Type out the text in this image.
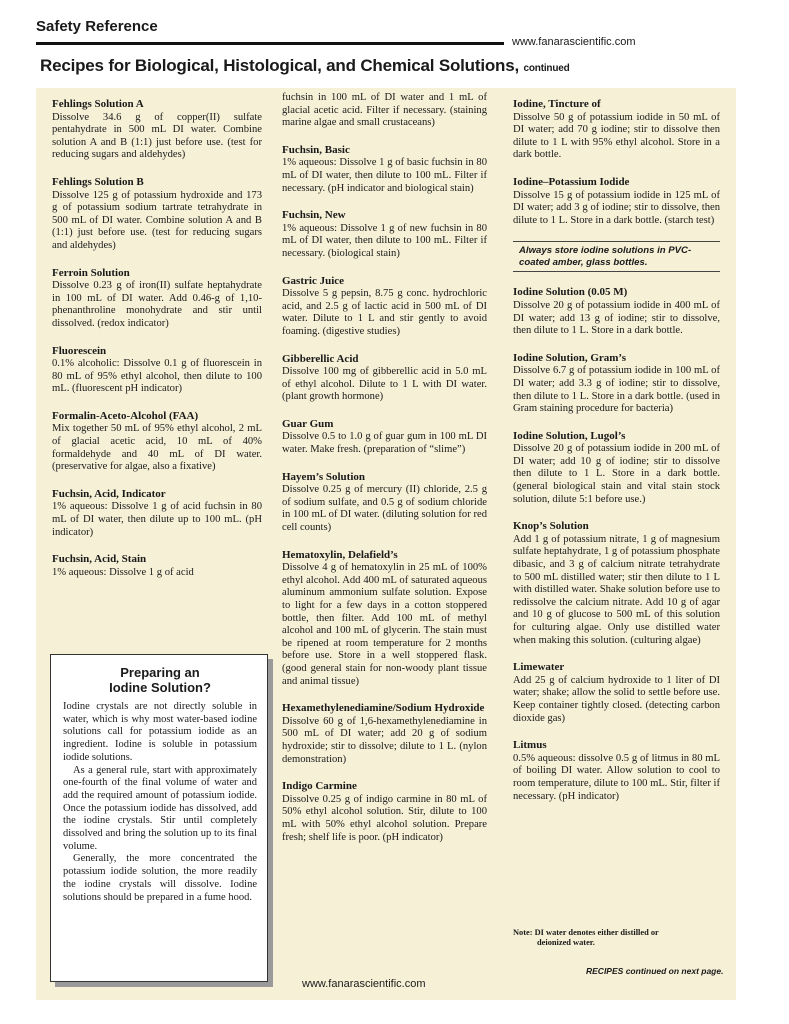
Safety Reference
www.fanarascientific.com
Recipes for Biological, Histological, and Chemical Solutions, continued
Fehlings Solution A

Dissolve 34.6 g of copper(II) sulfate pentahydrate in 500 mL DI water. Combine solution A and B (1:1) just before use. (test for reducing sugars and aldehydes)

Fehlings Solution B

Dissolve 125 g of potassium hydroxide and 173 g of potassium sodium tartrate tetrahydrate in 500 mL of DI water. Combine solution A and B (1:1) just before use. (test for reducing sugars and aldehydes)

Ferroin Solution

Dissolve 0.23 g of iron(II) sulfate heptahydrate in 100 mL of DI water. Add 0.46-g of 1,10-phenanthroline monohydrate and stir until dissolved. (redox indicator)

Fluorescein

0.1% alcoholic: Dissolve 0.1 g of fluorescein in 80 mL of 95% ethyl alcohol, then dilute to 100 mL. (fluorescent pH indicator)

Formalin-Aceto-Alcohol (FAA)

Mix together 50 mL of 95% ethyl alcohol, 2 mL of glacial acetic acid, 10 mL of 40% formaldehyde and 40 mL of DI water. (preservative for algae, also a fixative)

Fuchsin, Acid, Indicator

1% aqueous: Dissolve 1 g of acid fuchsin in 80 mL of DI water, then dilute up to 100 mL. (pH indicator)

Fuchsin, Acid, Stain

1% aqueous: Dissolve 1 g of acid

Preparing an
Iodine Solution?

Iodine crystals are not directly soluble in water, which is why most water-based iodine solutions call for potassium iodide as an ingredient. Iodine is soluble in potassium iodide solutions.

As a general rule, start with approximately one-fourth of the final volume of water and add the required amount of potassium iodide. Once the potassium iodide has dissolved, add the iodine crystals. Stir until completely dissolved and bring the solution up to its final volume.

Generally, the more concentrated the potassium iodide solution, the more readily the iodine crystals will dissolve. Iodine solutions should be prepared in a fume hood.

fuchsin in 100 mL of DI water and 1 mL of glacial acetic acid. Filter if necessary. (staining marine algae and small crustaceans)

Fuchsin, Basic

1% aqueous: Dissolve 1 g of basic fuchsin in 80 mL of DI water, then dilute to 100 mL. Filter if necessary. (pH indicator and biological stain)

Fuchsin, New

1% aqueous: Dissolve 1 g of new fuchsin in 80 mL of DI water, then dilute to 100 mL. Filter if necessary. (biological stain)

Gastric Juice

Dissolve 5 g pepsin, 8.75 g conc. hydrochloric acid, and 2.5 g of lactic acid in 500 mL of DI water. Dilute to 1 L and stir gently to avoid foaming. (digestive studies)

Gibberellic Acid

Dissolve 100 mg of gibberellic acid in 5.0 mL of ethyl alcohol. Dilute to 1 L with DI water. (plant growth hormone)

Guar Gum

Dissolve 0.5 to 1.0 g of guar gum in 100 mL DI water. Make fresh. (preparation of “slime”)

Hayem’s Solution

Dissolve 0.25 g of mercury (II) chloride, 2.5 g of sodium sulfate, and 0.5 g of sodium chloride in 100 mL of DI water. (diluting solution for red cell counts)

Hematoxylin, Delafield’s

Dissolve 4 g of hematoxylin in 25 mL of 100% ethyl alcohol. Add 400 mL of saturated aqueous aluminum ammonium sulfate solution. Expose to light for a few days in a cotton stoppered bottle, then filter. Add 100 mL of methyl alcohol and 100 mL of glycerin. The stain must be ripened at room temperature for 2 months before use. Store in a well stoppered flask. (good general stain for non-woody plant tissue and animal tissue)

Hexamethylenediamine/Sodium Hydroxide

Dissolve 60 g of 1,6-hexamethylenediamine in 500 mL of DI water; add 20 g of sodium hydroxide; stir to dissolve; dilute to 1 L. (nylon demonstration)

Indigo Carmine

Dissolve 0.25 g of indigo carmine in 80 mL of 50% ethyl alcohol solution. Stir, dilute to 100 mL with 50% ethyl alcohol solution. Prepare fresh; shelf life is poor. (pH indicator)

Iodine, Tincture of

Dissolve 50 g of potassium iodide in 50 mL of DI water; add 70 g iodine; stir to dissolve then dilute to 1 L with 95% ethyl alcohol. Store in a dark bottle.

Iodine–Potassium Iodide

Dissolve 15 g of potassium iodide in 125 mL of DI water; add 3 g of iodine; stir to dissolve, then dilute to 1 L. Store in a dark bottle. (starch test)

Always store iodine solutions in PVC-coated amber, glass bottles.
Iodine Solution (0.05 M)

Dissolve 20 g of potassium iodide in 400 mL of DI water; add 13 g of iodine; stir to dissolve, then dilute to 1 L. Store in a dark bottle.

Iodine Solution, Gram’s

Dissolve 6.7 g of potassium iodide in 100 mL of DI water; add 3.3 g of iodine; stir to dissolve, then dilute to 1 L. Store in a dark bottle. (used in Gram staining procedure for bacteria)

Iodine Solution, Lugol’s

Dissolve 20 g of potassium iodide in 200 mL of DI water; add 10 g of iodine; stir to dissolve then dilute to 1 L. Store in a dark bottle. (general biological stain and vital stain stock solution, dilute 5:1 before use.)

Knop’s Solution

Add 1 g of potassium nitrate, 1 g of magnesium sulfate heptahydrate, 1 g of potassium phosphate dibasic, and 3 g of calcium nitrate tetrahydrate to 500 mL distilled water; stir then dilute to 1 L with distilled water. Shake solution before use to redissolve the calcium nitrate. Add 10 g of agar and 10 g of glucose to 500 mL of this solution for culturing algae. Only use distilled water when making this solution. (culturing algae)

Limewater

Add 25 g of calcium hydroxide to 1 liter of DI water; shake; allow the solid to settle before use. Keep container tightly closed. (detecting carbon dioxide gas)

Litmus

0.5% aqueous: dissolve 0.5 g of litmus in 80 mL of boiling DI water. Allow solution to cool to room temperature, dilute to 100 mL. Stir, filter if necessary. (pH indicator)

Note: DI water denotes either distilled or
deionized water.
RECIPES continued on next page.
www.fanarascientific.com
